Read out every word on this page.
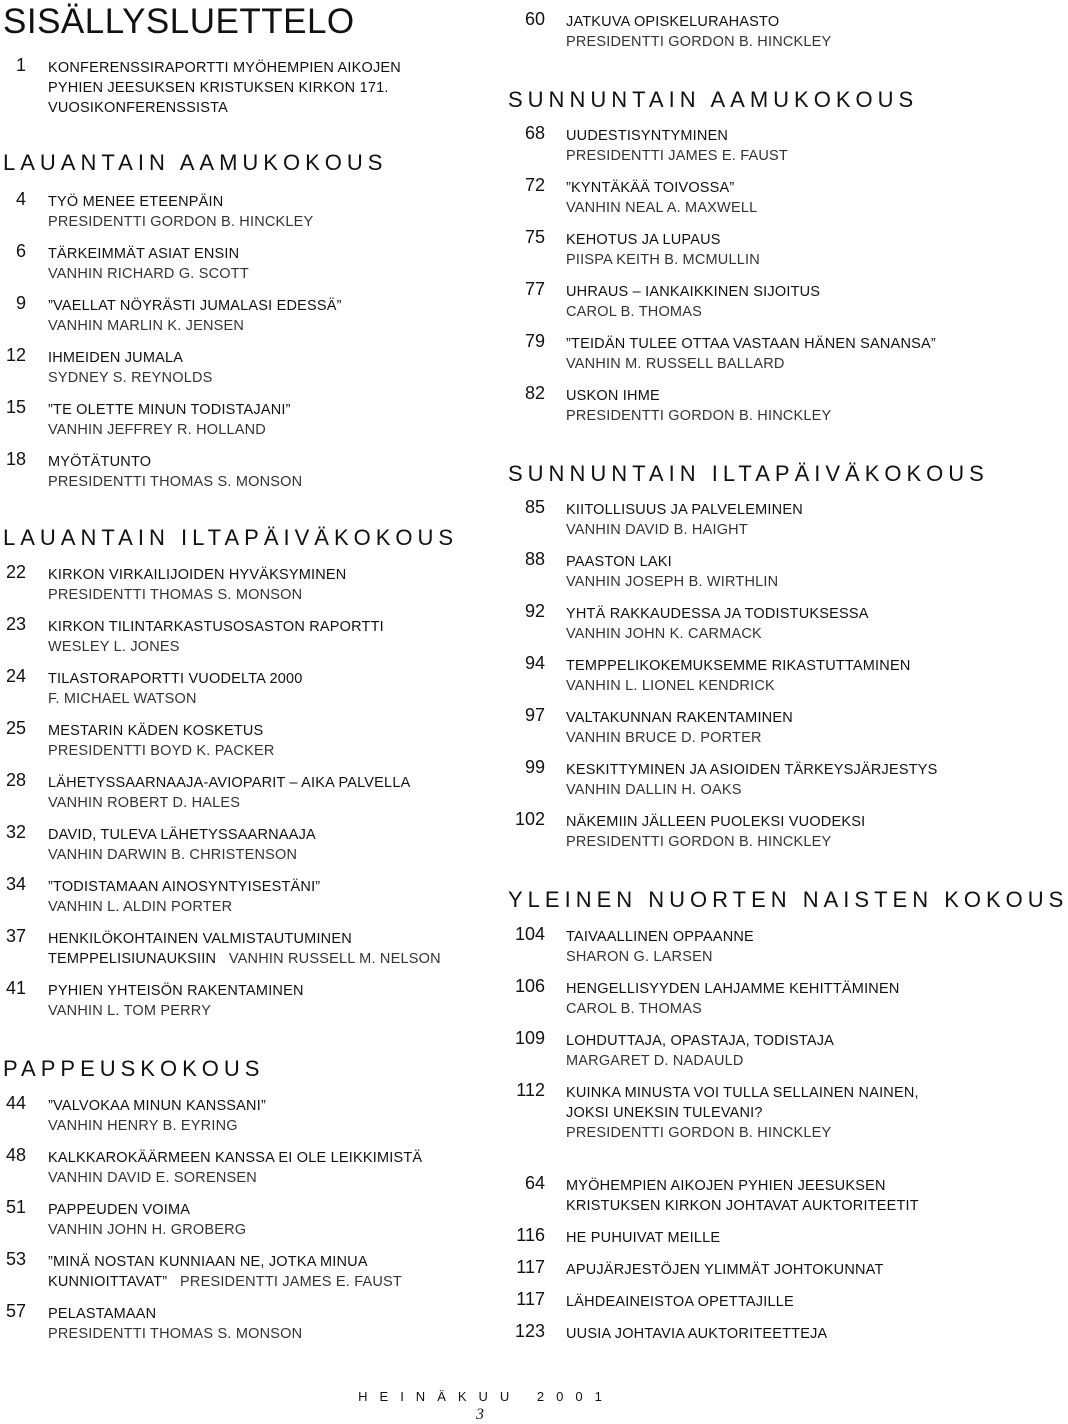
SISÄLLYSLUETTELO
1 KONFERENSSIRAPORTTI MYÖHEMPIEN AIKOJEN
PYHIEN JEESUKSEN KRISTUKSEN KIRKON 171.
VUOSIKONFERENSSISTA
LAUANTAIN AAMUKOKOUS
4 TYÖ MENEE ETEENPÄIN
PRESIDENTTI GORDON B. HINCKLEY
6 TÄRKEIMMÄT ASIAT ENSIN
VANHIN RICHARD G. SCOTT
9 ”VAELLAT NÖYRÄSTI JUMALASI EDESSÄ”
VANHIN MARLIN K. JENSEN
12 IHMEIDEN JUMALA
SYDNEY S. REYNOLDS
15 ”TE OLETTE MINUN TODISTAJANI”
VANHIN JEFFREY R. HOLLAND
18 MYÖTÄTUNTO
PRESIDENTTI THOMAS S. MONSON
LAUANTAIN ILTAPÄIVÄKOKOUS
22 KIRKON VIRKAILIJOIDEN HYVÄKSYMINEN
PRESIDENTTI THOMAS S. MONSON
23 KIRKON TILINTARKASTUSOSASTON RAPORTTI
WESLEY L. JONES
24 TILASTORAPORTTI VUODELTA 2000
F. MICHAEL WATSON
25 MESTARIN KÄDEN KOSKETUS
PRESIDENTTI BOYD K. PACKER
28 LÄHETYSSAARNAAJA-AVIOPARIT – AIKA PALVELLA
VANHIN ROBERT D. HALES
32 DAVID, TULEVA LÄHETYSSAARNAAJA
VANHIN DARWIN B. CHRISTENSON
34 ”TODISTAMAAN AINOSYNTYISESTÄNI”
VANHIN L. ALDIN PORTER
37 HENKILÖKOHTAINEN VALMISTAUTUMINEN
TEMPPELISIUNAUKSIIN VANHIN RUSSELL M. NELSON
41 PYHIEN YHTEISÖN RAKENTAMINEN
VANHIN L. TOM PERRY
PAPPEUSKOKOUS
44 ”VALVOKAA MINUN KANSSANI”
VANHIN HENRY B. EYRING
48 KALKKAROKÄÄRMEEN KANSSA EI OLE LEIKKIMISTÄ
VANHIN DAVID E. SORENSEN
51 PAPPEUDEN VOIMA
VANHIN JOHN H. GROBERG
53 ”MINÄ NOSTAN KUNNIAAN NE, JOTKA MINUA
KUNNIOITTAVAT” PRESIDENTTI JAMES E. FAUST
57 PELASTAMAAN
PRESIDENTTI THOMAS S. MONSON
60 JATKUVA OPISKELURAHASTO
PRESIDENTTI GORDON B. HINCKLEY
SUNNUNTAIN AAMUKOKOUS
68 UUDESTISYNTYMINEN
PRESIDENTTI JAMES E. FAUST
72 ”KYNTÄKÄÄ TOIVOSSA”
VANHIN NEAL A. MAXWELL
75 KEHOTUS JA LUPAUS
PIISPA KEITH B. MCMULLIN
77 UHRAUS – IANKAIKKINEN SIJOITUS
CAROL B. THOMAS
79 ”TEIDÄN TULEE OTTAA VASTAAN HÄNEN SANANSA”
VANHIN M. RUSSELL BALLARD
82 USKON IHME
PRESIDENTTI GORDON B. HINCKLEY
SUNNUNTAIN ILTAPÄIVÄKOKOUS
85 KIITOLLISUUS JA PALVELEMINEN
VANHIN DAVID B. HAIGHT
88 PAASTON LAKI
VANHIN JOSEPH B. WIRTHLIN
92 YHTÄ RAKKAUDESSA JA TODISTUKSESSA
VANHIN JOHN K. CARMACK
94 TEMPPELIKOKEMUKSEMME RIKASTUTTAMINEN
VANHIN L. LIONEL KENDRICK
97 VALTAKUNNAN RAKENTAMINEN
VANHIN BRUCE D. PORTER
99 KESKITTYMINEN JA ASIOIDEN TÄRKEYSJÄRJESTYS
VANHIN DALLIN H. OAKS
102 NÄKEMIIN JÄLLEEN PUOLEKSI VUODEKSI
PRESIDENTTI GORDON B. HINCKLEY
YLEINEN NUORTEN NAISTEN KOKOUS
104 TAIVAALLINEN OPPAANNE
SHARON G. LARSEN
106 HENGELLISYYDEN LAHJAMME KEHITTÄMINEN
CAROL B. THOMAS
109 LOHDUTTAJA, OPASTAJA, TODISTAJA
MARGARET D. NADAULD
112 KUINKA MINUSTA VOI TULLA SELLAINEN NAINEN,
JOKSI UNEKSIN TULEVANI?
PRESIDENTTI GORDON B. HINCKLEY
64 MYÖHEMPIEN AIKOJEN PYHIEN JEESUKSEN
KRISTUKSEN KIRKON JOHTAVAT AUKTORITEETIT
116 HE PUHUIVAT MEILLE
117 APUJÄRJESTÖJEN YLIMMÄT JOHTOKUNNAT
117 LÄHDEAINEISTOA OPETTAJILLE
123 UUSIA JOHTAVIA AUKTORITEETTEJA
HEINÄKUU 2001
3
